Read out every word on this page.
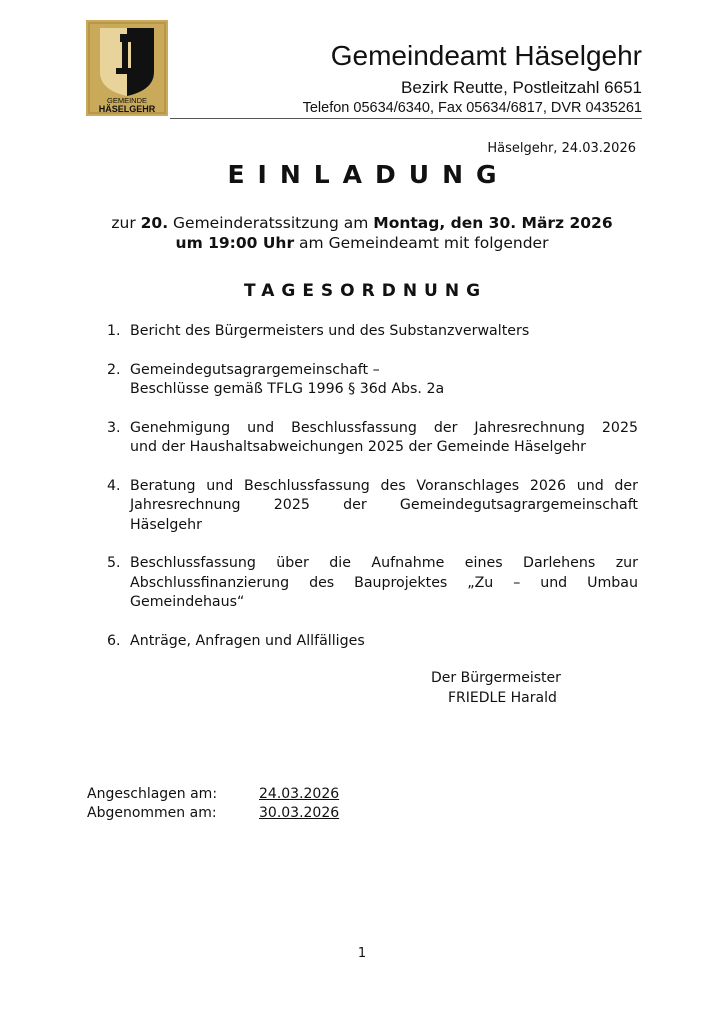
GEMEINDE
HÄSELGEHR
Gemeindeamt Häselgehr
Bezirk Reutte, Postleitzahl 6651
Telefon 05634/6340, Fax 05634/6817, DVR 0435261
Häselgehr, 24.03.2026
EINLADUNG
zur 20. Gemeinderatssitzung am Montag, den 30. März 2026
um 19:00 Uhr am Gemeindeamt mit folgender
TAGESORDNUNG
1. Bericht des Bürgermeisters und des Substanzverwalters
2. Gemeindegutsagrargemeinschaft –
Beschlüsse gemäß TFLG 1996 § 36d Abs. 2a
3. Genehmigung und Beschlussfassung der Jahresrechnung 2025
und der Haushaltsabweichungen 2025 der Gemeinde Häselgehr
4. Beratung und Beschlussfassung des Voranschlages 2026 und der
Jahresrechnung 2025 der Gemeindegutsagrargemeinschaft
Häselgehr
5. Beschlussfassung über die Aufnahme eines Darlehens zur
Abschlussfinanzierung des Bauprojektes „Zu – und Umbau
Gemeindehaus“
6. Anträge, Anfragen und Allfälliges
Der Bürgermeister
FRIEDLE Harald
Angeschlagen am:	24.03.2026
Abgenommen am:	30.03.2026
1
